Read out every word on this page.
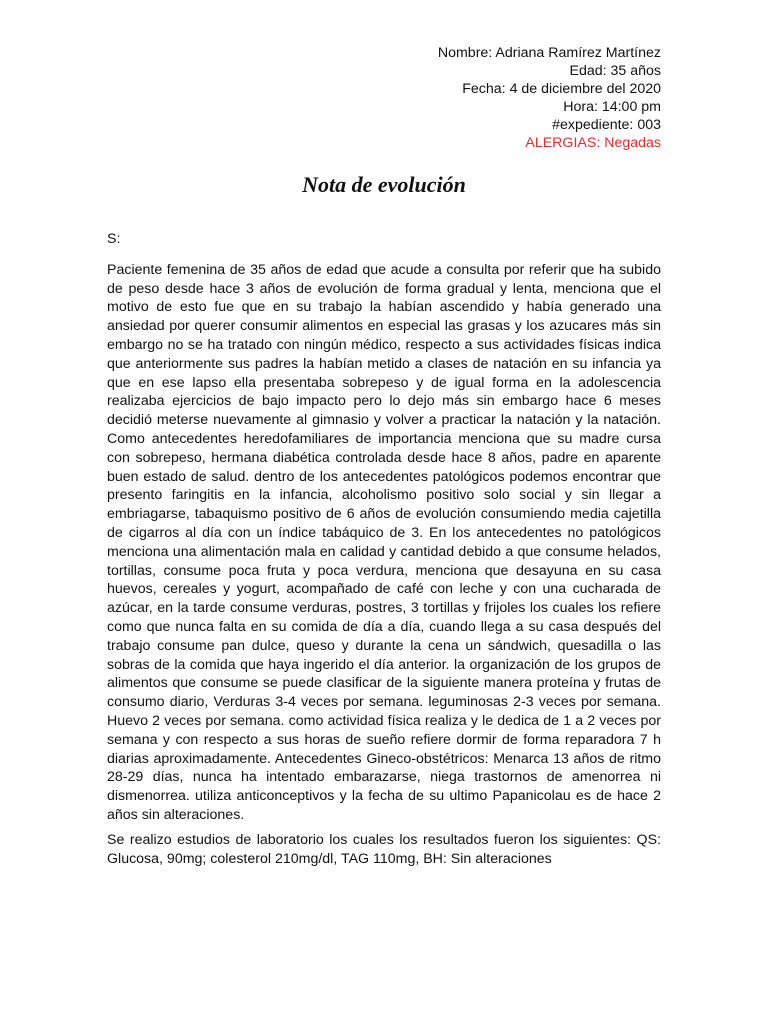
Nombre: Adriana Ramírez Martínez
Edad: 35 años
Fecha: 4 de diciembre del 2020
Hora: 14:00 pm
#expediente: 003
ALERGIAS: Negadas
Nota de evolución

S:

Paciente femenina de 35 años de edad que acude a consulta por referir que ha subido de peso desde hace 3 años de evolución de forma gradual y lenta, menciona que el motivo de esto fue que en su trabajo la habían ascendido y había generado una ansiedad por querer consumir alimentos en especial las grasas y los azucares más sin embargo no se ha tratado con ningún médico, respecto a sus actividades físicas indica que anteriormente sus padres la habían metido a clases de natación en su infancia ya que en ese lapso ella presentaba sobrepeso y de igual forma en la adolescencia realizaba ejercicios de bajo impacto pero lo dejo más sin embargo hace 6 meses decidió meterse nuevamente al gimnasio y volver a practicar la natación y la natación. Como antecedentes heredofamiliares de importancia menciona que su madre cursa con sobrepeso, hermana diabética controlada desde hace 8 años, padre en aparente buen estado de salud. dentro de los antecedentes patológicos podemos encontrar que presento faringitis en la infancia, alcoholismo positivo solo social y sin llegar a embriagarse, tabaquismo positivo de 6 años de evolución consumiendo media cajetilla de cigarros al día con un índice tabáquico de 3. En los antecedentes no patológicos menciona una alimentación mala en calidad y cantidad debido a que consume helados, tortillas, consume poca fruta y poca verdura, menciona que desayuna en su casa huevos, cereales y yogurt, acompañado de café con leche y con una cucharada de azúcar, en la tarde consume verduras, postres, 3 tortillas y frijoles los cuales los refiere como que nunca falta en su comida de día a día, cuando llega a su casa después del trabajo consume pan dulce, queso y durante la cena un sándwich, quesadilla o las sobras de la comida que haya ingerido el día anterior. la organización de los grupos de alimentos que consume se puede clasificar de la siguiente manera proteína y frutas de consumo diario, Verduras 3-4 veces por semana. leguminosas 2-3 veces por semana. Huevo 2 veces por semana. como actividad física realiza y le dedica de 1 a 2 veces por semana y con respecto a sus horas de sueño refiere dormir de forma reparadora 7 h diarias aproximadamente. Antecedentes Gineco-obstétricos: Menarca 13 años de ritmo 28-29 días, nunca ha intentado embarazarse, niega trastornos de amenorrea ni dismenorrea. utiliza anticonceptivos y la fecha de su ultimo Papanicolau es de hace 2 años sin alteraciones.

Se realizo estudios de laboratorio los cuales los resultados fueron los siguientes: QS: Glucosa, 90mg; colesterol 210mg/dl, TAG 110mg, BH: Sin alteraciones
